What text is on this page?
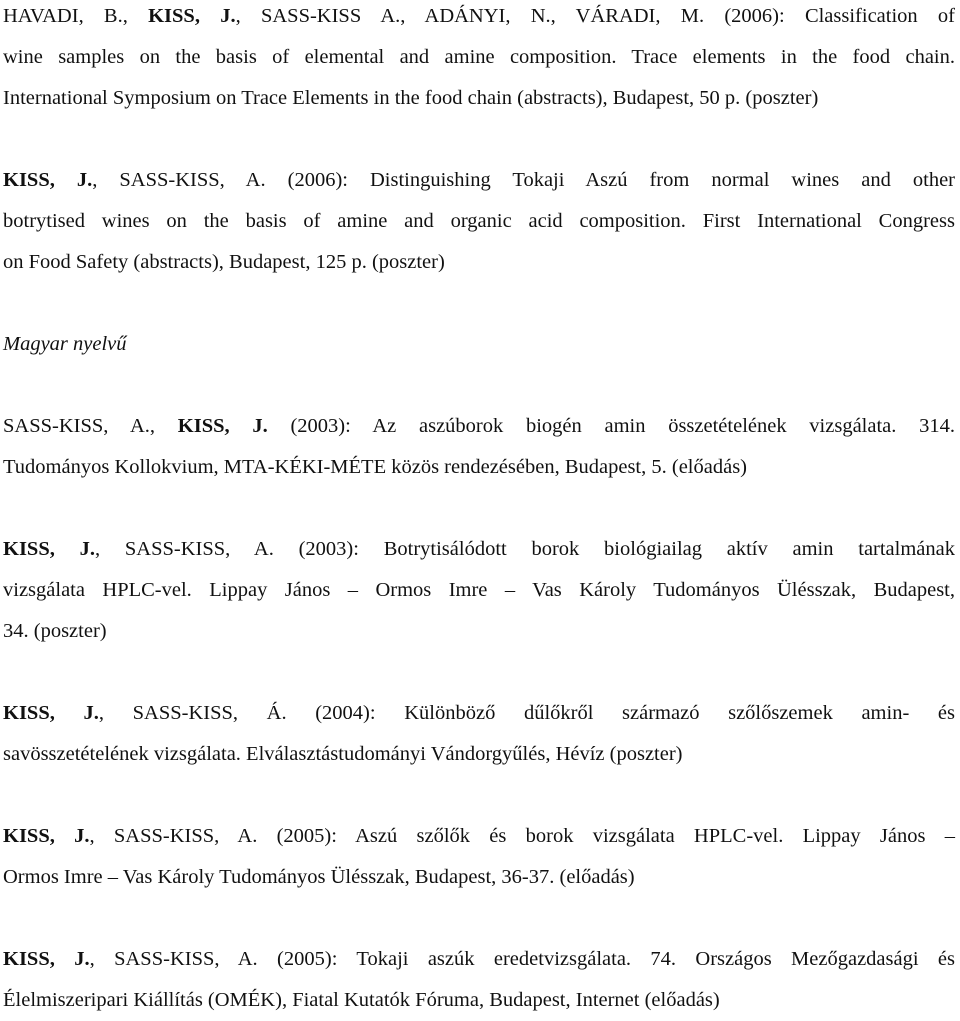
HAVADI, B., KISS, J., SASS-KISS A., ADÁNYI, N., VÁRADI, M. (2006): Classification of
wine samples on the basis of elemental and amine composition. Trace elements in the food chain.
International Symposium on Trace Elements in the food chain (abstracts), Budapest, 50 p. (poszter)

KISS, J., SASS-KISS, A. (2006): Distinguishing Tokaji Aszú from normal wines and other
botrytised wines on the basis of amine and organic acid composition. First International Congress
on Food Safety (abstracts), Budapest, 125 p. (poszter)

Magyar nyelvű

SASS-KISS, A., KISS, J. (2003): Az aszúborok biogén amin összetételének vizsgálata. 314.
Tudományos Kollokvium, MTA-KÉKI-MÉTE közös rendezésében, Budapest, 5. (előadás)

KISS, J., SASS-KISS, A. (2003): Botrytisálódott borok biológiailag aktív amin tartalmának
vizsgálata HPLC-vel. Lippay János – Ormos Imre – Vas Károly Tudományos Ülésszak, Budapest,
34. (poszter)

KISS, J., SASS-KISS, Á. (2004): Különböző dűlőkről származó szőlőszemek amin- és
savösszetételének vizsgálata. Elválasztástudományi Vándorgyűlés, Hévíz (poszter)

KISS, J., SASS-KISS, A. (2005): Aszú szőlők és borok vizsgálata HPLC-vel. Lippay János –
Ormos Imre – Vas Károly Tudományos Ülésszak, Budapest, 36-37. (előadás)

KISS, J., SASS-KISS, A. (2005): Tokaji aszúk eredetvizsgálata. 74. Országos Mezőgazdasági és
Élelmiszeripari Kiállítás (OMÉK), Fiatal Kutatók Fóruma, Budapest, Internet (előadás)
